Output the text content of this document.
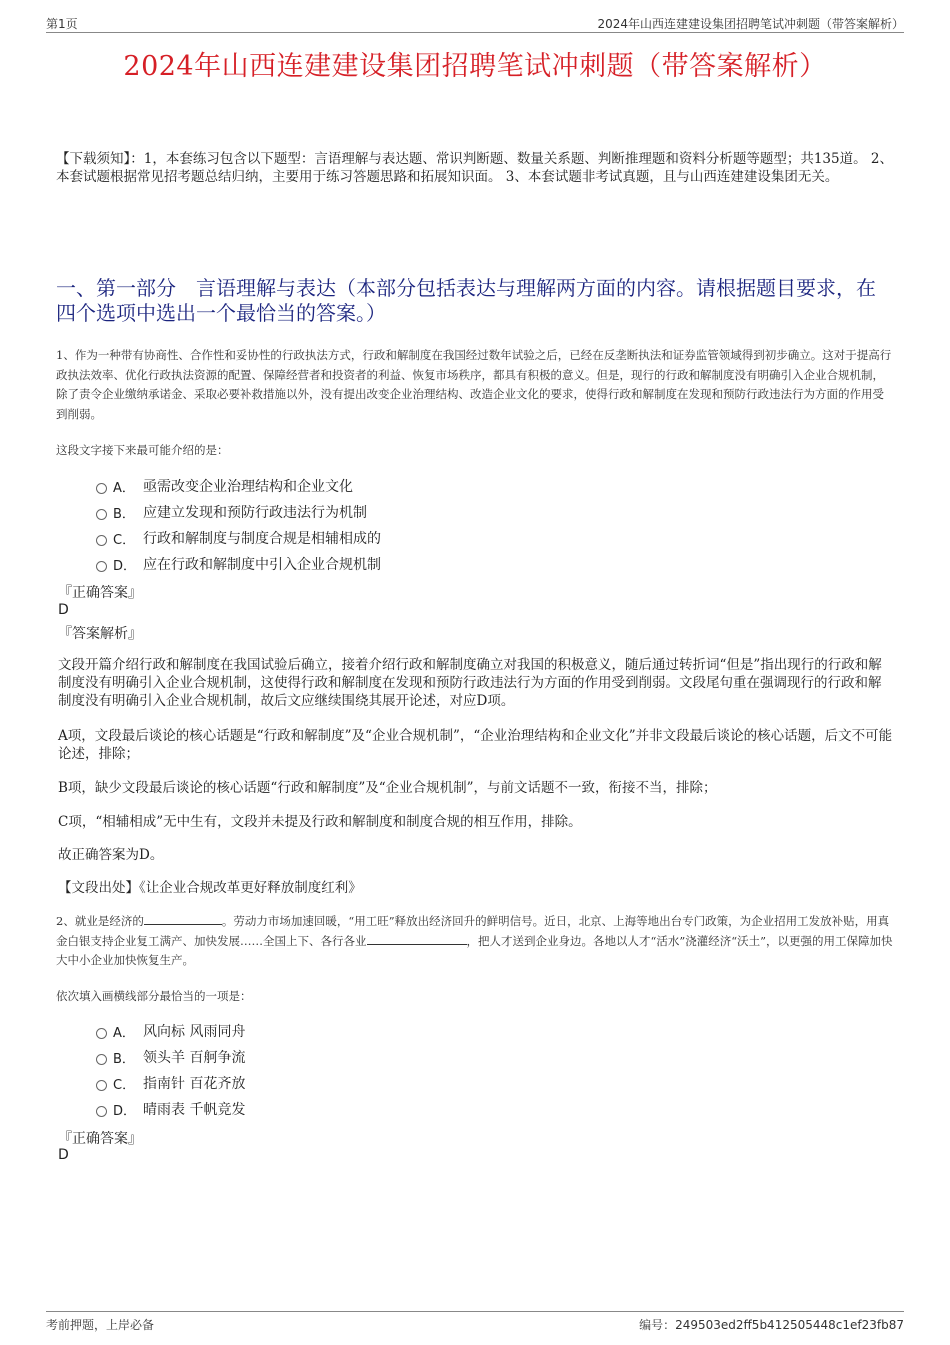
第1页	2024年山西连建建设集团招聘笔试冲刺题（带答案解析）
2024年山西连建建设集团招聘笔试冲刺题（带答案解析）
【下载须知】：1，本套练习包含以下题型：言语理解与表达题、常识判断题、数量关系题、判断推理题和资料分析题等题型；共135道。 2、本套试题根据常见招考题总结归纳，主要用于练习答题思路和拓展知识面。 3、本套试题非考试真题，且与山西连建建设集团无关。
一、第一部分　言语理解与表达（本部分包括表达与理解两方面的内容。请根据题目要求，在四个选项中选出一个最恰当的答案。）
1、作为一种带有协商性、合作性和妥协性的行政执法方式，行政和解制度在我国经过数年试验之后，已经在反垄断执法和证券监管领域得到初步确立。这对于提高行政执法效率、优化行政执法资源的配置、保障经营者和投资者的利益、恢复市场秩序，都具有积极的意义。但是，现行的行政和解制度没有明确引入企业合规机制，除了责令企业缴纳承诺金、采取必要补救措施以外，没有提出改变企业治理结构、改造企业文化的要求，使得行政和解制度在发现和预防行政违法行为方面的作用受到削弱。
这段文字接下来最可能介绍的是：
A． 亟需改变企业治理结构和企业文化
B． 应建立发现和预防行政违法行为机制
C． 行政和解制度与制度合规是相辅相成的
D． 应在行政和解制度中引入企业合规机制
『正确答案』
D
『答案解析』
文段开篇介绍行政和解制度在我国试验后确立，接着介绍行政和解制度确立对我国的积极意义，随后通过转折词“但是”指出现行的行政和解制度没有明确引入企业合规机制，这使得行政和解制度在发现和预防行政违法行为方面的作用受到削弱。文段尾句重在强调现行的行政和解制度没有明确引入企业合规机制，故后文应继续围绕其展开论述，对应D项。
A项，文段最后谈论的核心话题是“行政和解制度”及“企业合规机制”，“企业治理结构和企业文化”并非文段最后谈论的核心话题，后文不可能论述，排除；
B项，缺少文段最后谈论的核心话题“行政和解制度”及“企业合规机制”，与前文话题不一致，衔接不当，排除；
C项，“相辅相成”无中生有，文段并未提及行政和解制度和制度合规的相互作用，排除。
故正确答案为D。
【文段出处】《让企业合规改革更好释放制度红利》
2、就业是经济的	。劳动力市场加速回暖，“用工旺”释放出经济回升的鲜明信号。近日，北京、上海等地出台专门政策，为企业招用工发放补贴，用真金白银支持企业复工满产、加快发展……全国上下、各行各业	，把人才送到企业身边。各地以人才“活水”浇灌经济“沃土”，以更强的用工保障加快大中小企业加快恢复生产。
依次填入画横线部分最恰当的一项是：
A． 风向标 风雨同舟
B． 领头羊 百舸争流
C． 指南针 百花齐放
D． 晴雨表 千帆竞发
『正确答案』
D
考前押题，上岸必备	编号：249503ed2ff5b412505448c1ef23fb87
